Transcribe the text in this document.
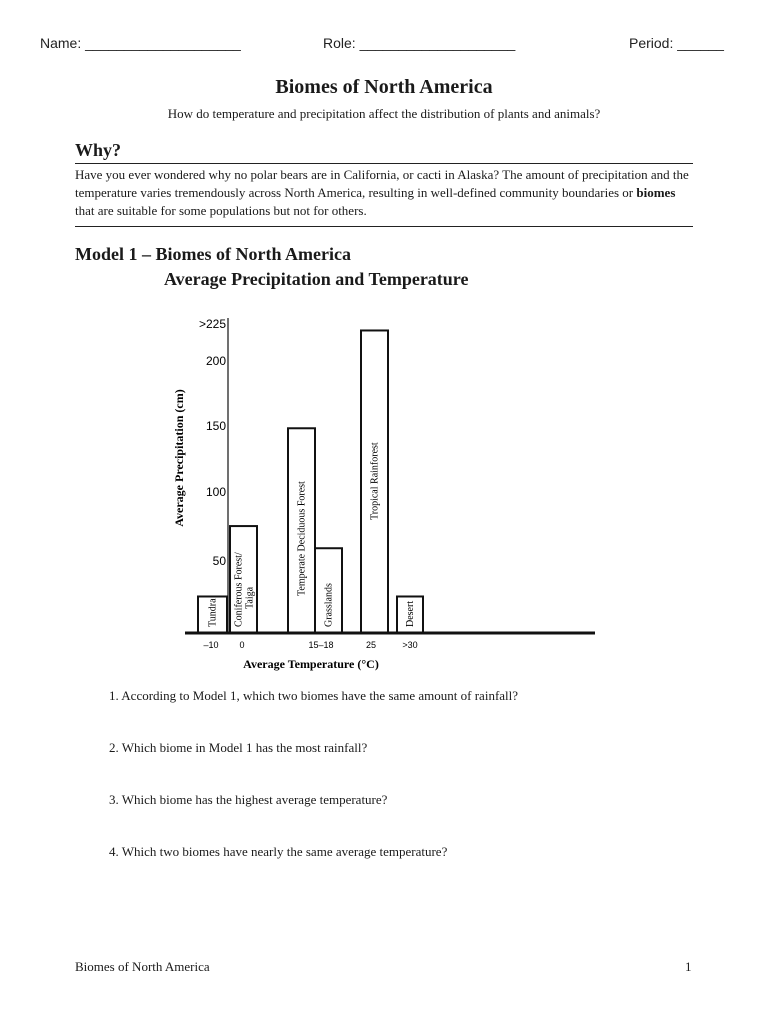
Name: ____________________	Role: ____________________	Period: ______
Biomes of North America
How do temperature and precipitation affect the distribution of plants and animals?
Why?
Have you ever wondered why no polar bears are in California, or cacti in Alaska? The amount of precipitation and the temperature varies tremendously across North America, resulting in well-defined community boundaries or biomes that are suitable for some populations but not for others.
Model 1 – Biomes of North America
Average Precipitation and Temperature
Tundra Coniferous Forest/Taiga
Temperate Deciduous Forest
Grasslands
Tropical Rainforest
Desert
50
100
150
200
>225
–10 0	15–18	25	>30
Average Temperature (°C)
Average Precipitation (cm)
1. According to Model 1, which two biomes have the same amount of rainfall?
2. Which biome in Model 1 has the most rainfall?
3. Which biome has the highest average temperature?
4. Which two biomes have nearly the same average temperature?
Biomes of North America	1
